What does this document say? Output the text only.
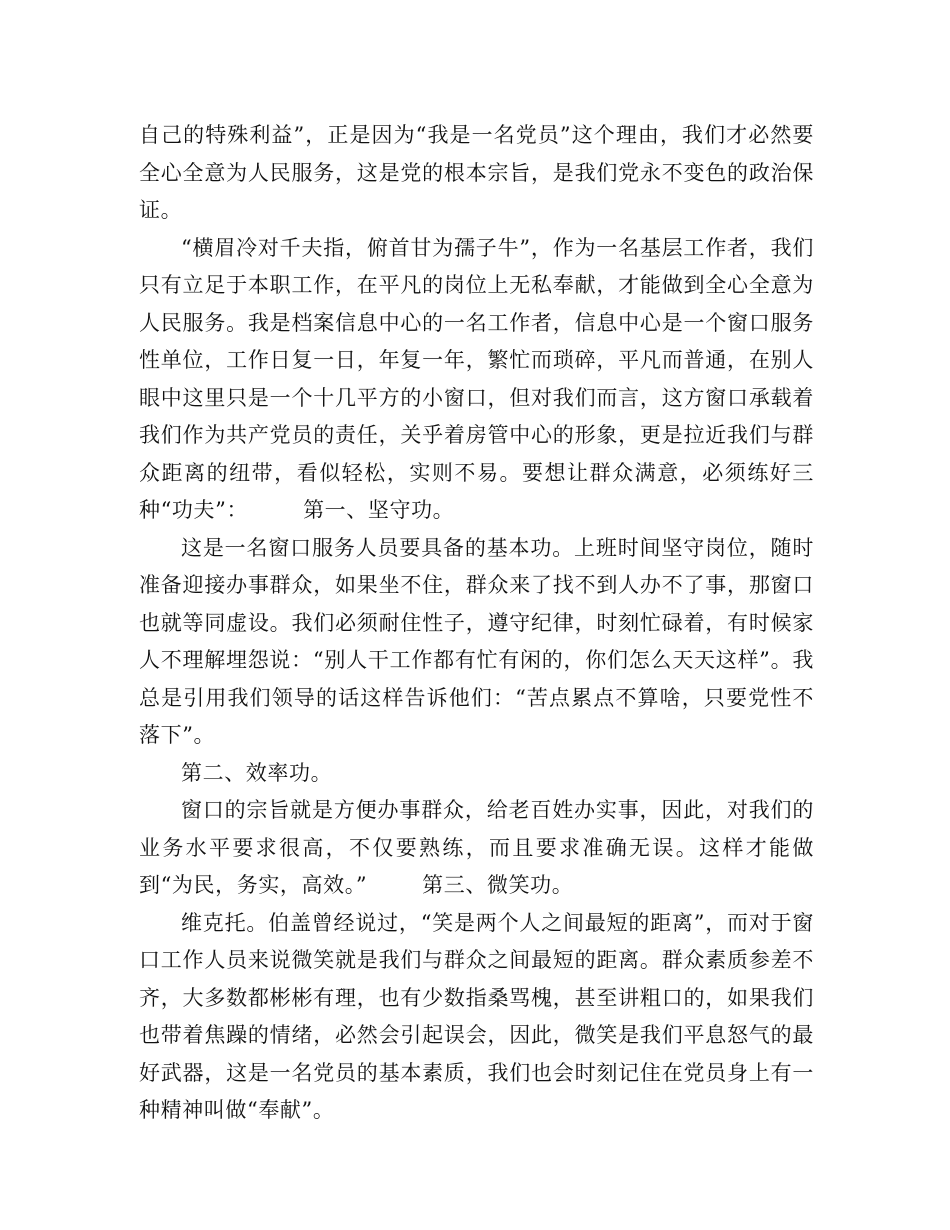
自己的特殊利益”，正是因为“我是一名党员”这个理由，我们才必然要全心全意为人民服务，这是党的根本宗旨，是我们党永不变色的政治保证。

“横眉冷对千夫指，俯首甘为孺子牛”，作为一名基层工作者，我们只有立足于本职工作，在平凡的岗位上无私奉献，才能做到全心全意为人民服务。我是档案信息中心的一名工作者，信息中心是一个窗口服务性单位，工作日复一日，年复一年，繁忙而琐碎，平凡而普通，在别人眼中这里只是一个十几平方的小窗口，但对我们而言，这方窗口承载着我们作为共产党员的责任，关乎着房管中心的形象，更是拉近我们与群众距离的纽带，看似轻松，实则不易。要想让群众满意，必须练好三种“功夫”：	第一、坚守功。

这是一名窗口服务人员要具备的基本功。上班时间坚守岗位，随时准备迎接办事群众，如果坐不住，群众来了找不到人办不了事，那窗口也就等同虚设。我们必须耐住性子，遵守纪律，时刻忙碌着，有时候家人不理解埋怨说：“别人干工作都有忙有闲的，你们怎么天天这样”。我总是引用我们领导的话这样告诉他们：“苦点累点不算啥，只要党性不落下”。

第二、效率功。

窗口的宗旨就是方便办事群众，给老百姓办实事，因此，对我们的业务水平要求很高，不仅要熟练，而且要求准确无误。这样才能做到“为民，务实，高效。”	第三、微笑功。

维克托。伯盖曾经说过，“笑是两个人之间最短的距离”，而对于窗口工作人员来说微笑就是我们与群众之间最短的距离。群众素质参差不齐，大多数都彬彬有理，也有少数指桑骂槐，甚至讲粗口的，如果我们也带着焦躁的情绪，必然会引起误会，因此，微笑是我们平息怒气的最好武器，这是一名党员的基本素质，我们也会时刻记住在党员身上有一种精神叫做“奉献”。
